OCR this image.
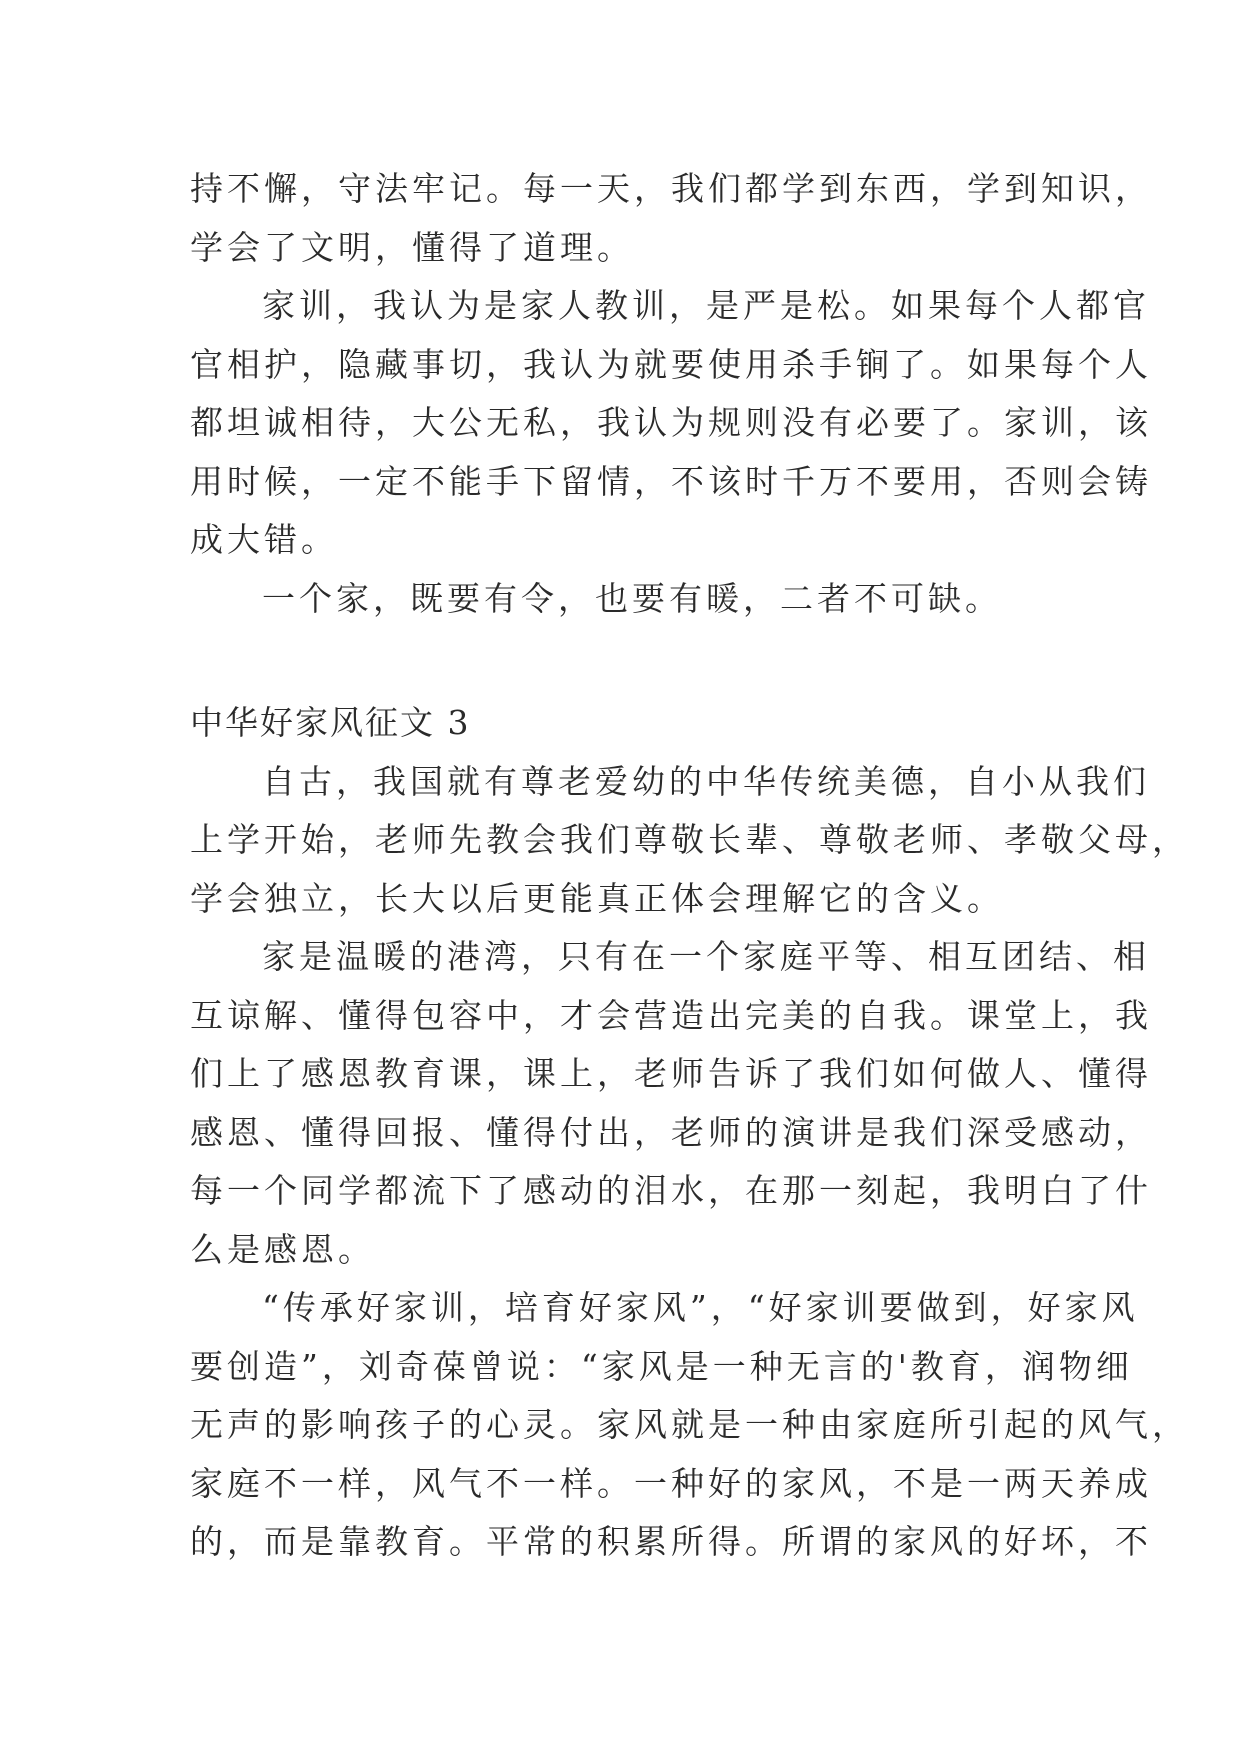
持不懈，守法牢记。每一天，我们都学到东西，学到知识，
学会了文明，懂得了道理。
家训，我认为是家人教训，是严是松。如果每个人都官
官相护，隐藏事切，我认为就要使用杀手锏了。如果每个人
都坦诚相待，大公无私，我认为规则没有必要了。家训，该
用时候，一定不能手下留情，不该时千万不要用，否则会铸
成大错。
一个家，既要有令，也要有暖，二者不可缺。
中华好家风征文 3
自古，我国就有尊老爱幼的中华传统美德，自小从我们
上学开始，老师先教会我们尊敬长辈、尊敬老师、孝敬父母，
学会独立，长大以后更能真正体会理解它的含义。
家是温暖的港湾，只有在一个家庭平等、相互团结、相
互谅解、懂得包容中，才会营造出完美的自我。课堂上，我
们上了感恩教育课，课上，老师告诉了我们如何做人、懂得
感恩、懂得回报、懂得付出，老师的演讲是我们深受感动，
每一个同学都流下了感动的泪水，在那一刻起，我明白了什
么是感恩。
“传承好家训，培育好家风”，“好家训要做到，好家风
要创造”，刘奇葆曾说：“家风是一种无言的'教育，润物细
无声的影响孩子的心灵。家风就是一种由家庭所引起的风气，
家庭不一样，风气不一样。一种好的家风，不是一两天养成
的，而是靠教育。平常的积累所得。所谓的家风的好坏，不
